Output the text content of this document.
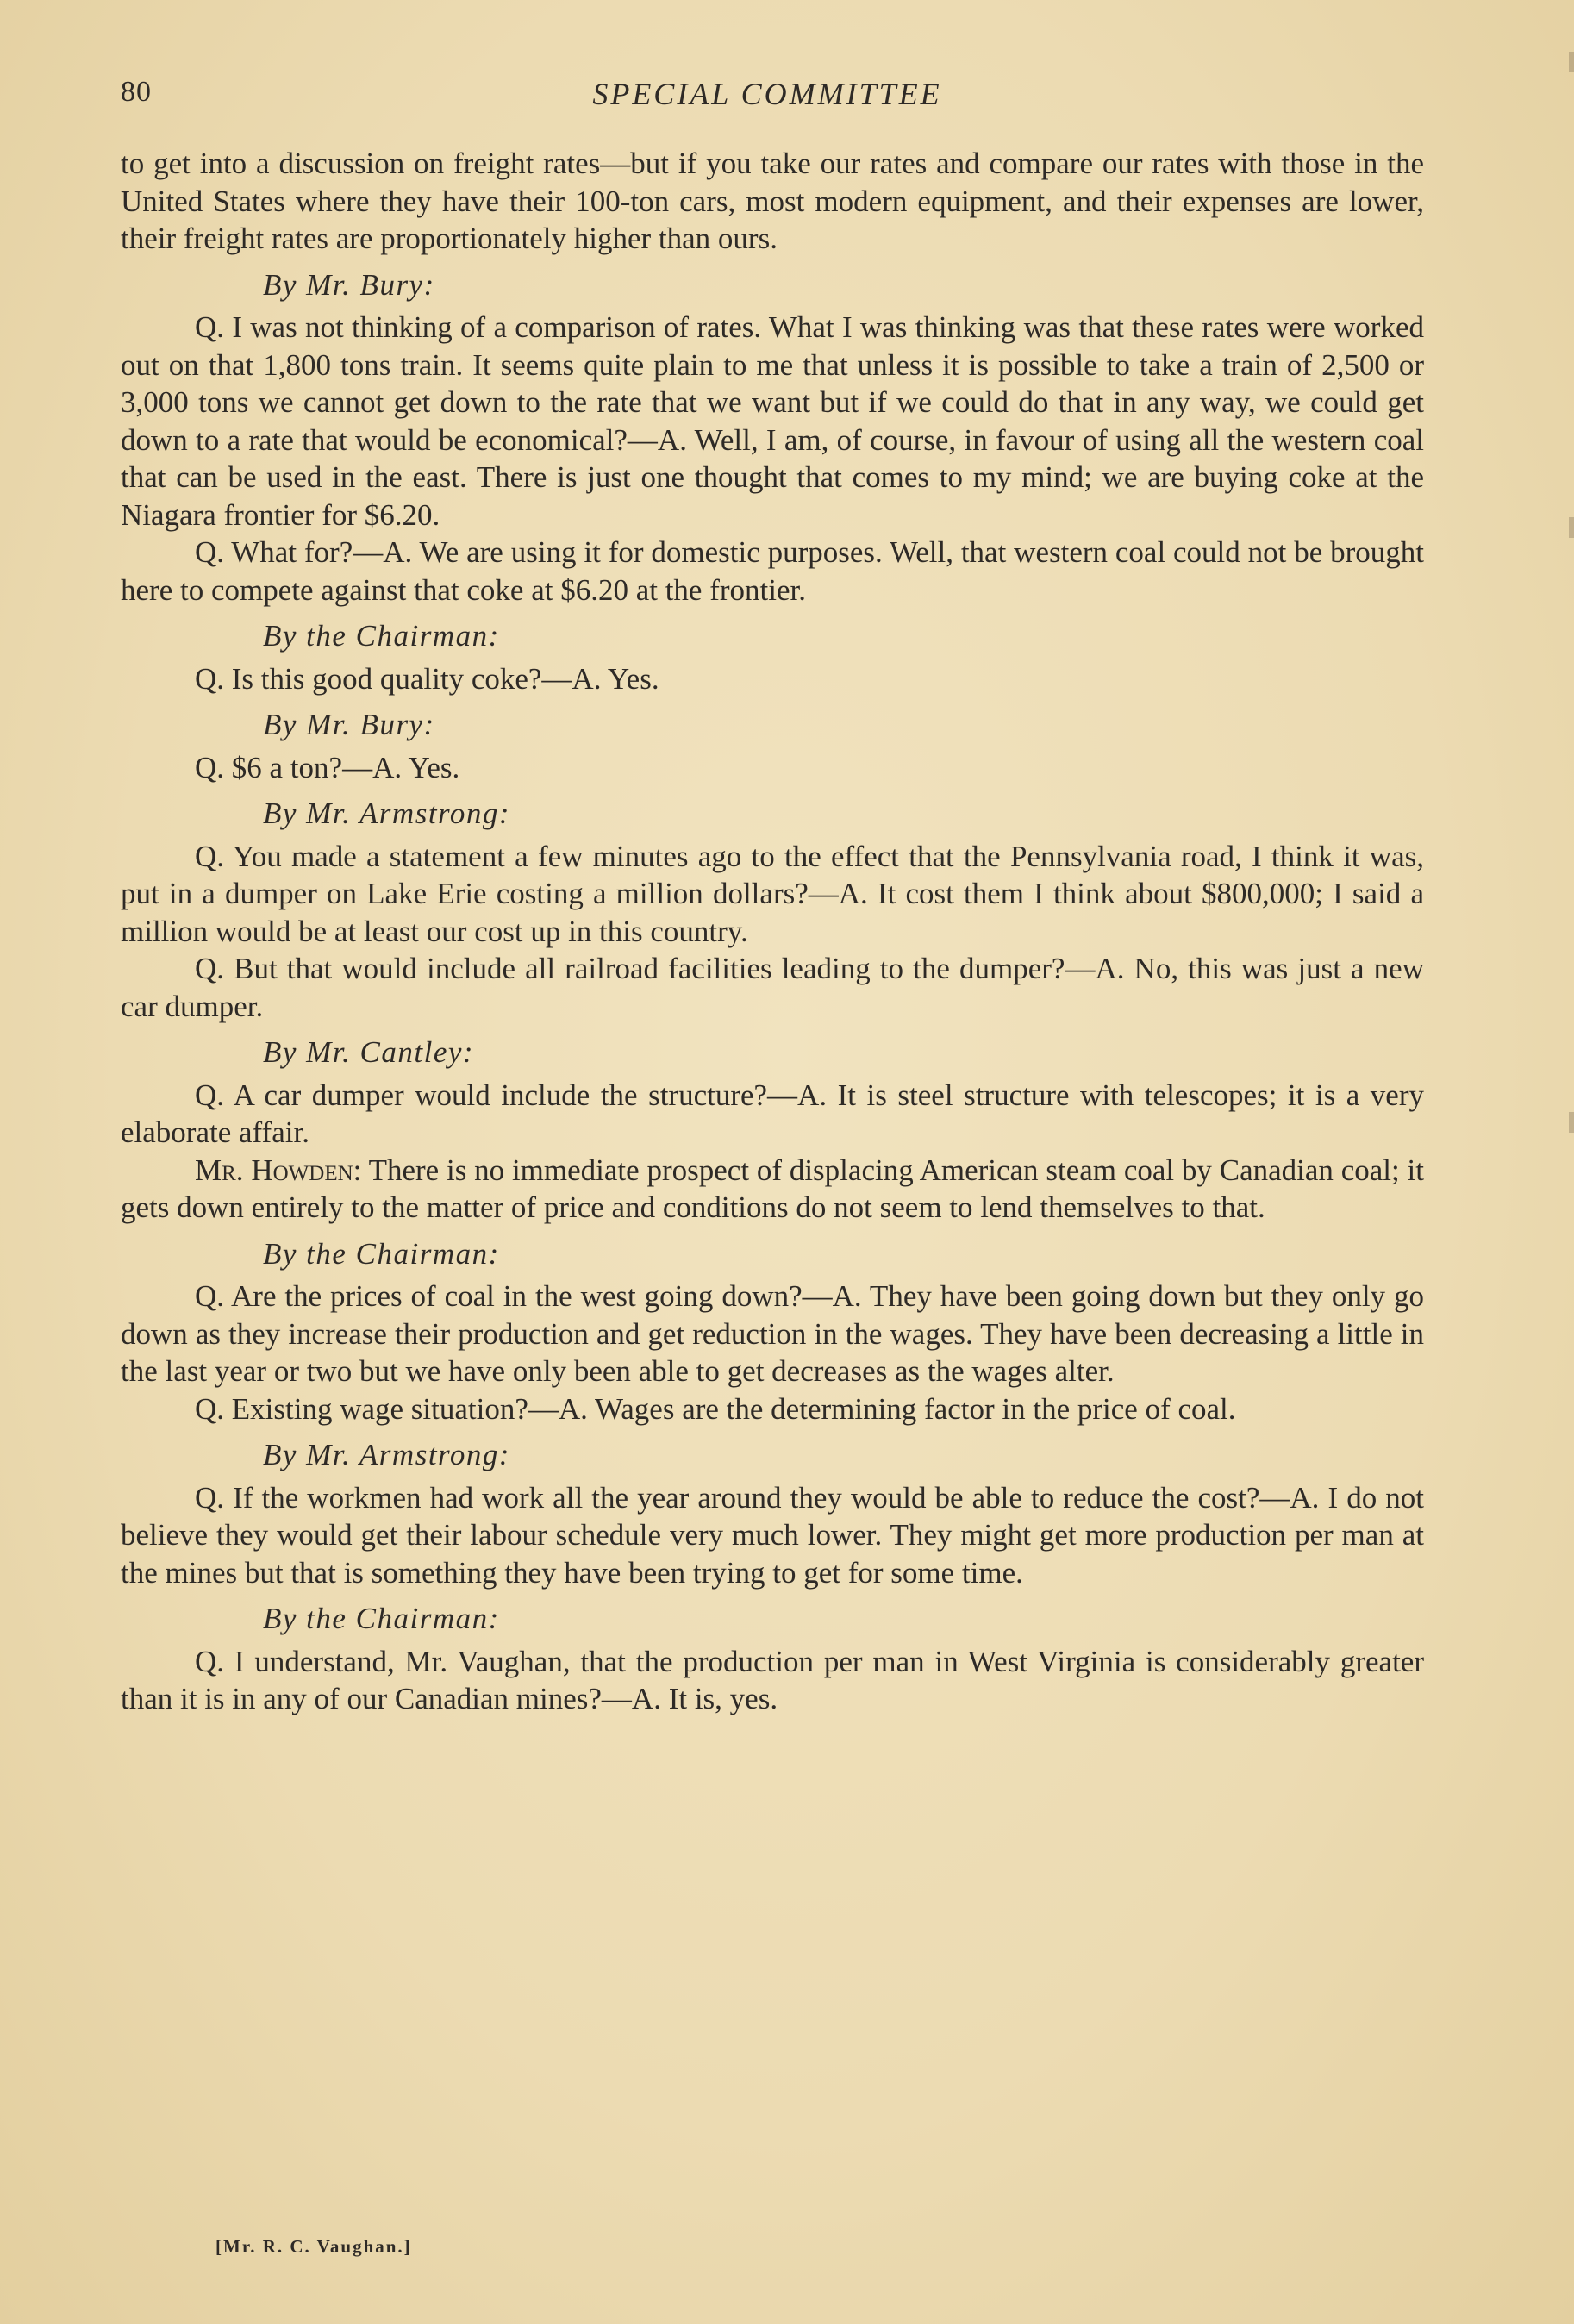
80	SPECIAL COMMITTEE

to get into a discussion on freight rates—but if you take our rates and compare our rates with those in the United States where they have their 100-ton cars, most modern equipment, and their expenses are lower, their freight rates are proportionately higher than ours.

By Mr. Bury:

Q. I was not thinking of a comparison of rates. What I was thinking was that these rates were worked out on that 1,800 tons train. It seems quite plain to me that unless it is possible to take a train of 2,500 or 3,000 tons we cannot get down to the rate that we want but if we could do that in any way, we could get down to a rate that would be economical?—A. Well, I am, of course, in favour of using all the western coal that can be used in the east. There is just one thought that comes to my mind; we are buying coke at the Niagara frontier for $6.20.

Q. What for?—A. We are using it for domestic purposes. Well, that western coal could not be brought here to compete against that coke at $6.20 at the frontier.

By the Chairman:

Q. Is this good quality coke?—A. Yes.

By Mr. Bury:

Q. $6 a ton?—A. Yes.

By Mr. Armstrong:

Q. You made a statement a few minutes ago to the effect that the Pennsylvania road, I think it was, put in a dumper on Lake Erie costing a million dollars?—A. It cost them I think about $800,000; I said a million would be at least our cost up in this country.

Q. But that would include all railroad facilities leading to the dumper?—A. No, this was just a new car dumper.

By Mr. Cantley:

Q. A car dumper would include the structure?—A. It is steel structure with telescopes; it is a very elaborate affair.

Mr. Howden: There is no immediate prospect of displacing American steam coal by Canadian coal; it gets down entirely to the matter of price and conditions do not seem to lend themselves to that.

By the Chairman:

Q. Are the prices of coal in the west going down?—A. They have been going down but they only go down as they increase their production and get reduction in the wages. They have been decreasing a little in the last year or two but we have only been able to get decreases as the wages alter.

Q. Existing wage situation?—A. Wages are the determining factor in the price of coal.

By Mr. Armstrong:

Q. If the workmen had work all the year around they would be able to reduce the cost?—A. I do not believe they would get their labour schedule very much lower. They might get more production per man at the mines but that is something they have been trying to get for some time.

By the Chairman:

Q. I understand, Mr. Vaughan, that the production per man in West Virginia is considerably greater than it is in any of our Canadian mines?—A. It is, yes.

[Mr. R. C. Vaughan.]
